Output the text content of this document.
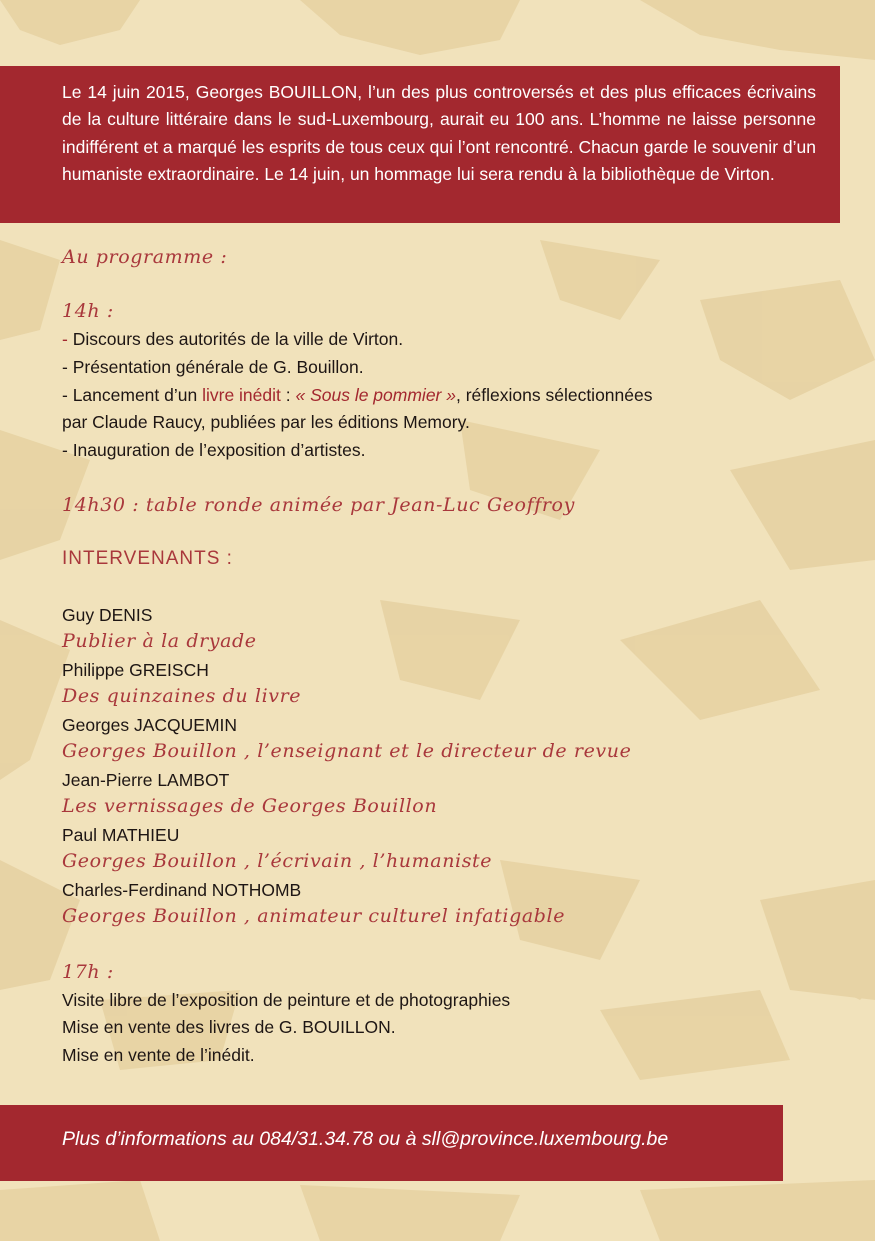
Le 14 juin 2015, Georges BOUILLON, l’un des plus controversés et des plus efficaces écrivains de la culture littéraire dans le sud-Luxembourg, aurait eu 100 ans. L’homme ne laisse personne indifférent et a marqué les esprits de tous ceux qui l’ont rencontré. Chacun garde le souvenir d’un humaniste extraordinaire. Le 14 juin, un hommage lui sera rendu à la bibliothèque de Virton.

Au programme :

14h :

- Discours des autorités de la ville de Virton.

- Présentation générale de G. Bouillon.

- Lancement d’un livre inédit : « Sous le pommier », réflexions sélectionnées

par Claude Raucy, publiées par les éditions Memory.

- Inauguration de l’exposition d’artistes.

14h30 : table ronde animée par Jean-Luc Geoffroy

INTERVENANTS :

Guy DENIS

Publier à la dryade

Philippe GREISCH

Des quinzaines du livre

Georges JACQUEMIN

Georges Bouillon , l’enseignant et le directeur de revue

Jean-Pierre LAMBOT

Les vernissages de Georges Bouillon

Paul MATHIEU

Georges Bouillon , l’écrivain , l’humaniste

Charles-Ferdinand NOTHOMB

Georges Bouillon , animateur culturel infatigable

17h :

Visite libre de l’exposition de peinture et de photographies

Mise en vente des livres de G. BOUILLON.

Mise en vente de l’inédit.

Plus d’informations au 084/31.34.78 ou à sll@province.luxembourg.be
